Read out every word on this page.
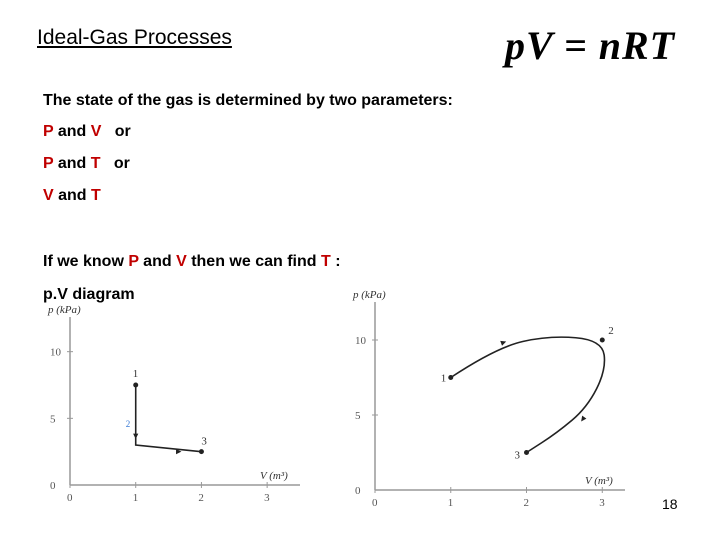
Ideal-Gas Processes	pV = nRT
The state of the gas is determined by two parameters:
P and V   or
P and T   or
V and T
If we know P and V then we can find T :
p.V diagram
p (kPa)
V (m³)
0	1	2	3
0
5
10
1
3
2
p (kPa)
V (m³)
0	1	2	3
0
5
10
1
2
3
18
